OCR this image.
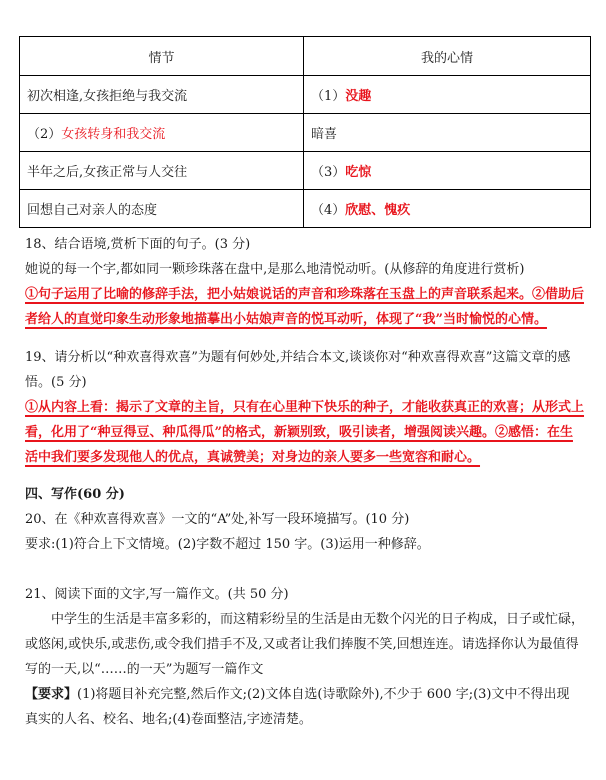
情节	我的心情
初次相逢,女孩拒绝与我交流	（1）没趣
（2）女孩转身和我交流	暗喜
半年之后,女孩正常与人交往	（3）吃惊
回想自己对亲人的态度	（4）欣慰、愧疚
18、结合语境,赏析下面的句子。(3 分)
她说的每一个字,都如同一颗珍珠落在盘中,是那么地清悦动听。(从修辞的角度进行赏析)
①句子运用了比喻的修辞手法，把小姑娘说话的声音和珍珠落在玉盘上的声音联系起来。②借助后
者给人的直觉印象生动形象地描摹出小姑娘声音的悦耳动听，体现了“我”当时愉悦的心情。
19、请分析以“种欢喜得欢喜”为题有何妙处,并结合本文,谈谈你对“种欢喜得欢喜”这篇文章的感
悟。(5 分)
①从内容上看：揭示了文章的主旨，只有在心里种下快乐的种子，才能收获真正的欢喜；从形式上
看，化用了“种豆得豆、种瓜得瓜”的格式，新颖别致，吸引读者，增强阅读兴趣。②感悟：在生
活中我们要多发现他人的优点，真诚赞美；对身边的亲人要多一些宽容和耐心。
四、写作(60 分)
20、在《种欢喜得欢喜》一文的“A”处,补写一段环境描写。(10 分)
要求:(1)符合上下文情境。(2)字数不超过 150 字。(3)运用一种修辞。
21、阅读下面的文字,写一篇作文。(共 50 分)
中学生的生活是丰富多彩的，而这精彩纷呈的生活是由无数个闪光的日子构成，日子或忙碌，
或悠闲,或快乐,或悲伤,或令我们措手不及,又或者让我们捧腹不笑,回想连连。请选择你认为最值得
写的一天,以“……的一天”为题写一篇作文
【要求】(1)将题目补充完整,然后作文;(2)文体自选(诗歌除外),不少于 600 字;(3)文中不得出现
真实的人名、校名、地名;(4)卷面整洁,字迹清楚。
